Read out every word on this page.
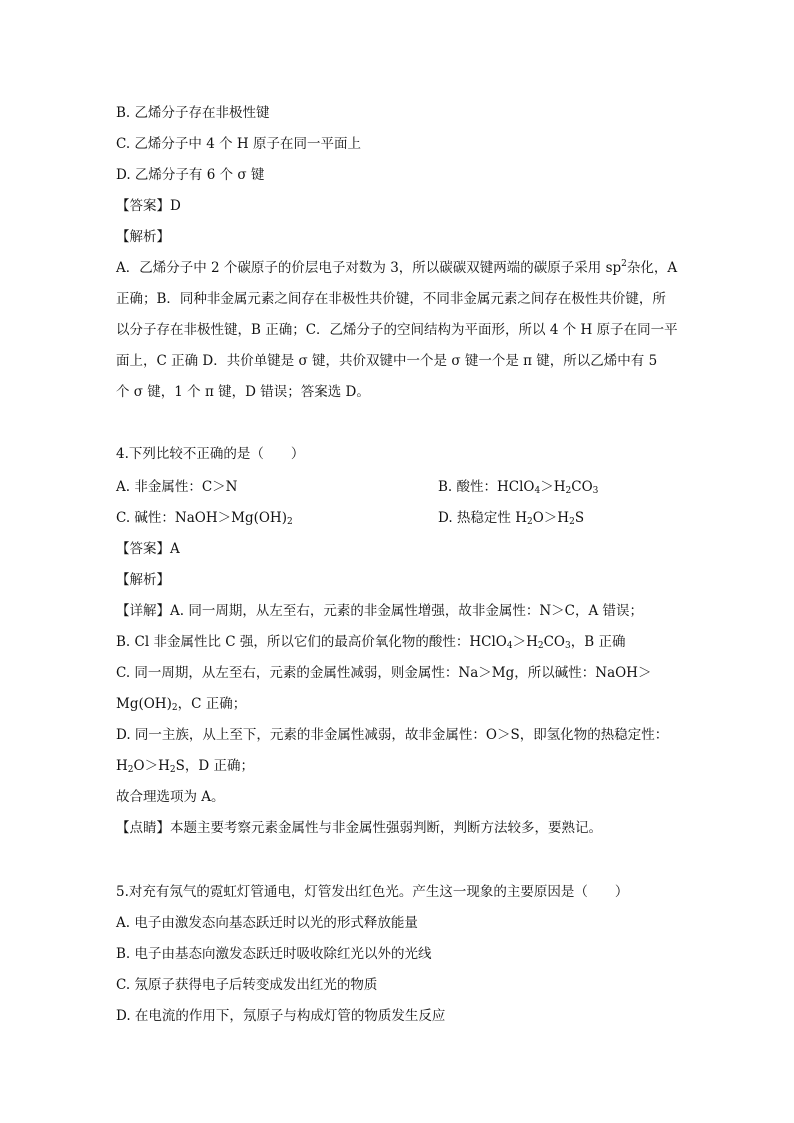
B. 乙烯分子存在非极性键
C. 乙烯分子中 4 个 H 原子在同一平面上
D. 乙烯分子有 6 个 σ 键
【答案】D
【解析】
A．乙烯分子中 2 个碳原子的价层电子对数为 3，所以碳碳双键两端的碳原子采用 $sp^2$杂化，A
正确；B．同种非金属元素之间存在非极性共价键，不同非金属元素之间存在极性共价键，所
以分子存在非极性键，B 正确；C．乙烯分子的空间结构为平面形，所以 4 个 H 原子在同一平
面上，C 正确 D．共价单键是 σ 键，共价双键中一个是 σ 键一个是 π 键，所以乙烯中有 5
个 σ 键，1 个 π 键，D 错误；答案选 D。
4.下列比较不正确的是（　　）
A. 非金属性：C＞N	B. 酸性：$HClO_4>H_2CO_3$
C. 碱性：$NaOH>Mg(OH)_2$	D. 热稳定性 $H_2O>H_2S$
【答案】A
【解析】
【详解】A. 同一周期，从左至右，元素的非金属性增强，故非金属性：N＞C，A 错误；
B. Cl 非金属性比 C 强，所以它们的最高价氧化物的酸性：$HClO_4>H_2CO_3$，B 正确
C. 同一周期，从左至右，元素的金属性减弱，则金属性：Na＞Mg，所以碱性：NaOH＞
$Mg(OH)_2$，C 正确；
D. 同一主族，从上至下，元素的非金属性减弱，故非金属性：O＞S，即氢化物的热稳定性：
$H_2O>H_2S$，D 正确；
故合理选项为 A。
【点睛】本题主要考察元素金属性与非金属性强弱判断，判断方法较多，要熟记。
5.对充有氖气的霓虹灯管通电，灯管发出红色光。产生这一现象的主要原因是（　　）
A. 电子由激发态向基态跃迁时以光的形式释放能量
B. 电子由基态向激发态跃迁时吸收除红光以外的光线
C. 氖原子获得电子后转变成发出红光的物质
D. 在电流的作用下，氖原子与构成灯管的物质发生反应
